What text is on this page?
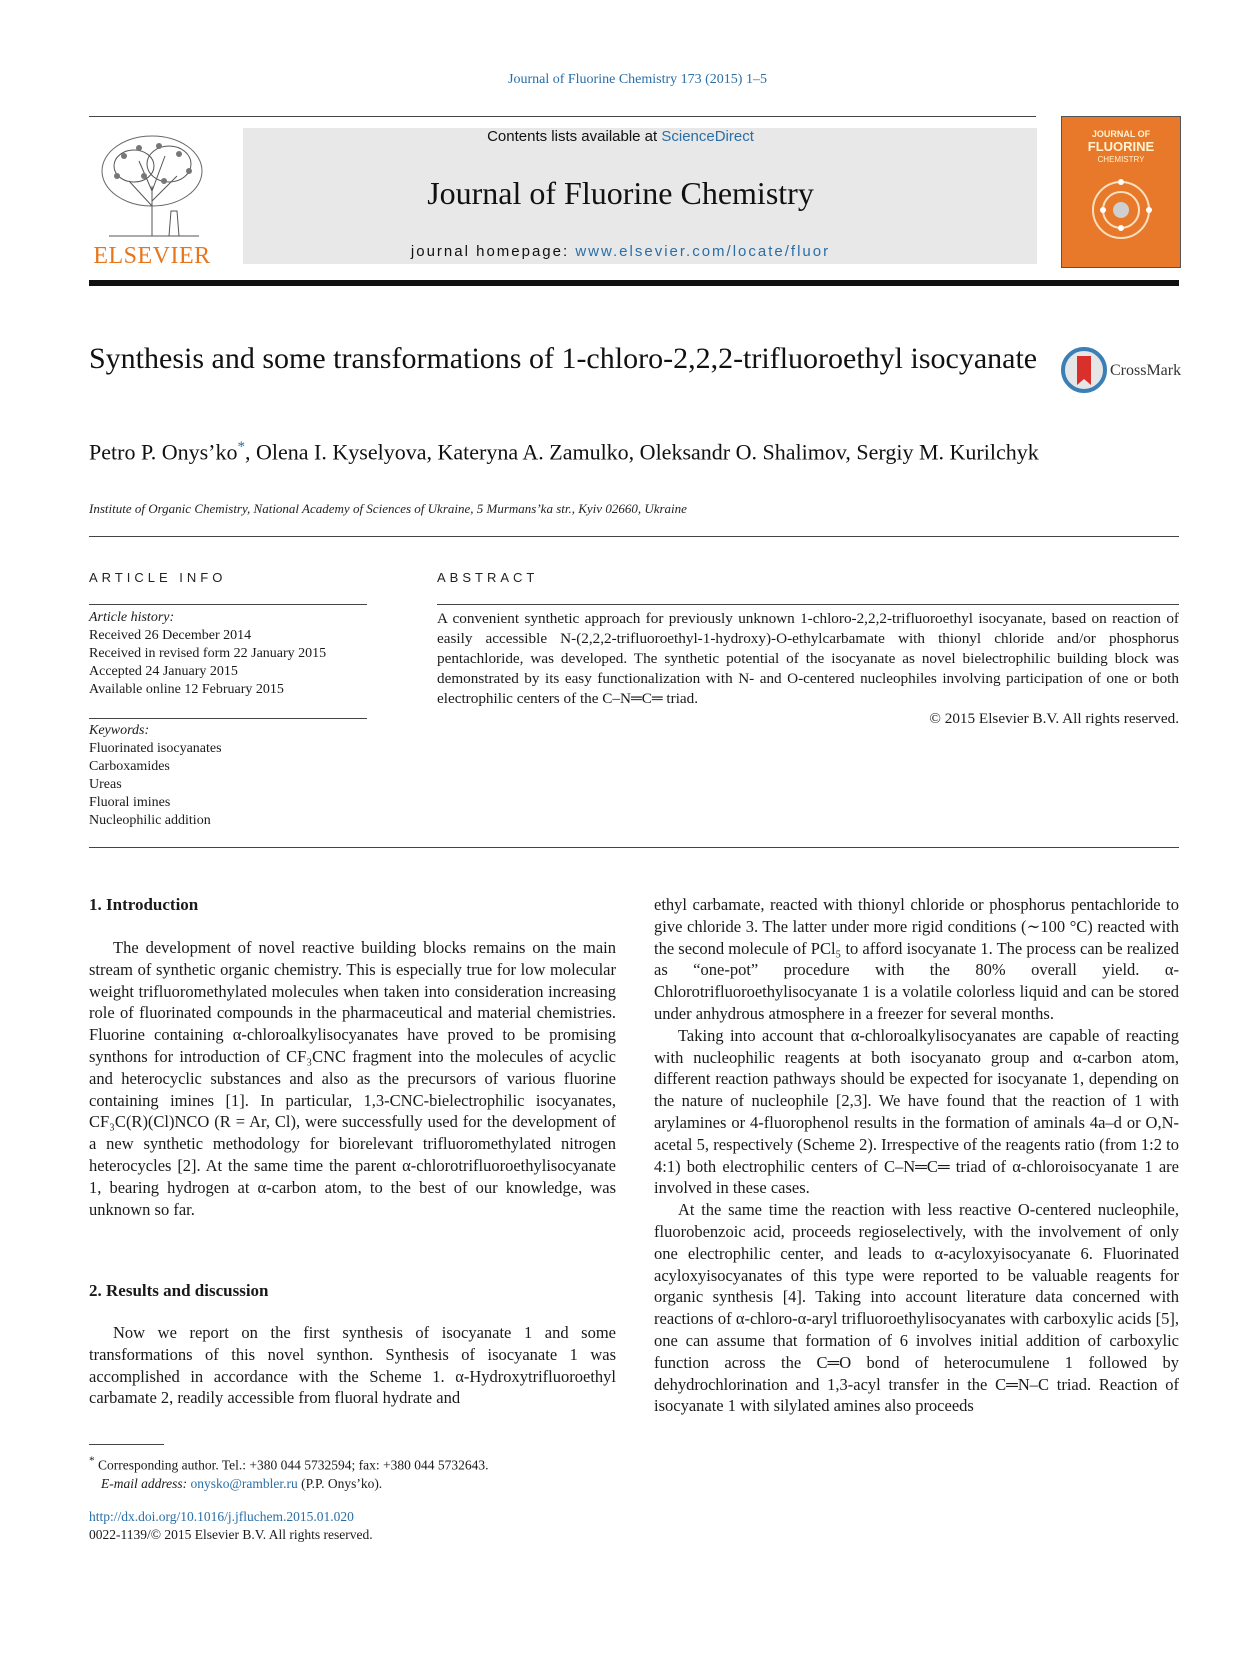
Journal of Fluorine Chemistry 173 (2015) 1–5
ELSEVIER
Contents lists available at ScienceDirect
Journal of Fluorine Chemistry
journal homepage: www.elsevier.com/locate/fluor
JOURNAL OF
FLUORINE
CHEMISTRY
Synthesis and some transformations of 1-chloro-2,2,2-trifluoroethyl isocyanate	CrossMark
Petro P. Onys’ko*, Olena I. Kyselyova, Kateryna A. Zamulko, Oleksandr O. Shalimov, Sergiy M. Kurilchyk
Institute of Organic Chemistry, National Academy of Sciences of Ukraine, 5 Murmans’ka str., Kyiv 02660, Ukraine
ARTICLE INFO	ABSTRACT
Article history:
Received 26 December 2014
Received in revised form 22 January 2015
Accepted 24 January 2015
Available online 12 February 2015
Keywords:
Fluorinated isocyanates
Carboxamides
Ureas
Fluoral imines
Nucleophilic addition
A convenient synthetic approach for previously unknown 1-chloro-2,2,2-trifluoroethyl isocyanate, based on reaction of easily accessible N-(2,2,2-trifluoroethyl-1-hydroxy)-O-ethylcarbamate with thionyl chloride and/or phosphorus pentachloride, was developed. The synthetic potential of the isocyanate as novel bielectrophilic building block was demonstrated by its easy functionalization with N- and O-centered nucleophiles involving participation of one or both electrophilic centers of the C–N═C═ triad.
© 2015 Elsevier B.V. All rights reserved.
1. Introduction

The development of novel reactive building blocks remains on the main stream of synthetic organic chemistry. This is especially true for low molecular weight trifluoromethylated molecules when taken into consideration increasing role of fluorinated compounds in the pharmaceutical and material chemistries. Fluorine containing α-chloroalkylisocyanates have proved to be promising synthons for introduction of CF₃CNC fragment into the molecules of acyclic and heterocyclic substances and also as the precursors of various fluorine containing imines [1]. In particular, 1,3-CNC-bielectrophilic isocyanates, CF₃C(R)(Cl)NCO (R = Ar, Cl), were successfully used for the development of a new synthetic methodology for biorelevant trifluoromethylated nitrogen heterocycles [2]. At the same time the parent α-chlorotrifluoroethylisocyanate 1, bearing hydrogen at α-carbon atom, to the best of our knowledge, was unknown so far.

2. Results and discussion

Now we report on the first synthesis of isocyanate 1 and some transformations of this novel synthon. Synthesis of isocyanate 1 was accomplished in accordance with the Scheme 1. α-Hydroxytrifluoroethyl carbamate 2, readily accessible from fluoral hydrate and

ethyl carbamate, reacted with thionyl chloride or phosphorus pentachloride to give chloride 3. The latter under more rigid conditions (∼100 °C) reacted with the second molecule of PCl₅ to afford isocyanate 1. The process can be realized as “one-pot” procedure with the 80% overall yield. α-Chlorotrifluoroethylisocyanate 1 is a volatile colorless liquid and can be stored under anhydrous atmosphere in a freezer for several months.

Taking into account that α-chloroalkylisocyanates are capable of reacting with nucleophilic reagents at both isocyanato group and α-carbon atom, different reaction pathways should be expected for isocyanate 1, depending on the nature of nucleophile [2,3]. We have found that the reaction of 1 with arylamines or 4-fluorophenol results in the formation of aminals 4a–d or O,N-acetal 5, respectively (Scheme 2). Irrespective of the reagents ratio (from 1:2 to 4:1) both electrophilic centers of C–N═C═ triad of α-chloroisocyanate 1 are involved in these cases.

At the same time the reaction with less reactive O-centered nucleophile, fluorobenzoic acid, proceeds regioselectively, with the involvement of only one electrophilic center, and leads to α-acyloxyisocyanate 6. Fluorinated acyloxyisocyanates of this type were reported to be valuable reagents for organic synthesis [4]. Taking into account literature data concerned with reactions of α-chloro-α-aryl trifluoroethylisocyanates with carboxylic acids [5], one can assume that formation of 6 involves initial addition of carboxylic function across the C═O bond of heterocumulene 1 followed by dehydrochlorination and 1,3-acyl transfer in the C═N–C triad. Reaction of isocyanate 1 with silylated amines also proceeds

* Corresponding author. Tel.: +380 044 5732594; fax: +380 044 5732643.
E-mail address: onysko@rambler.ru (P.P. Onys’ko).
http://dx.doi.org/10.1016/j.jfluchem.2015.01.020
0022-1139/© 2015 Elsevier B.V. All rights reserved.
